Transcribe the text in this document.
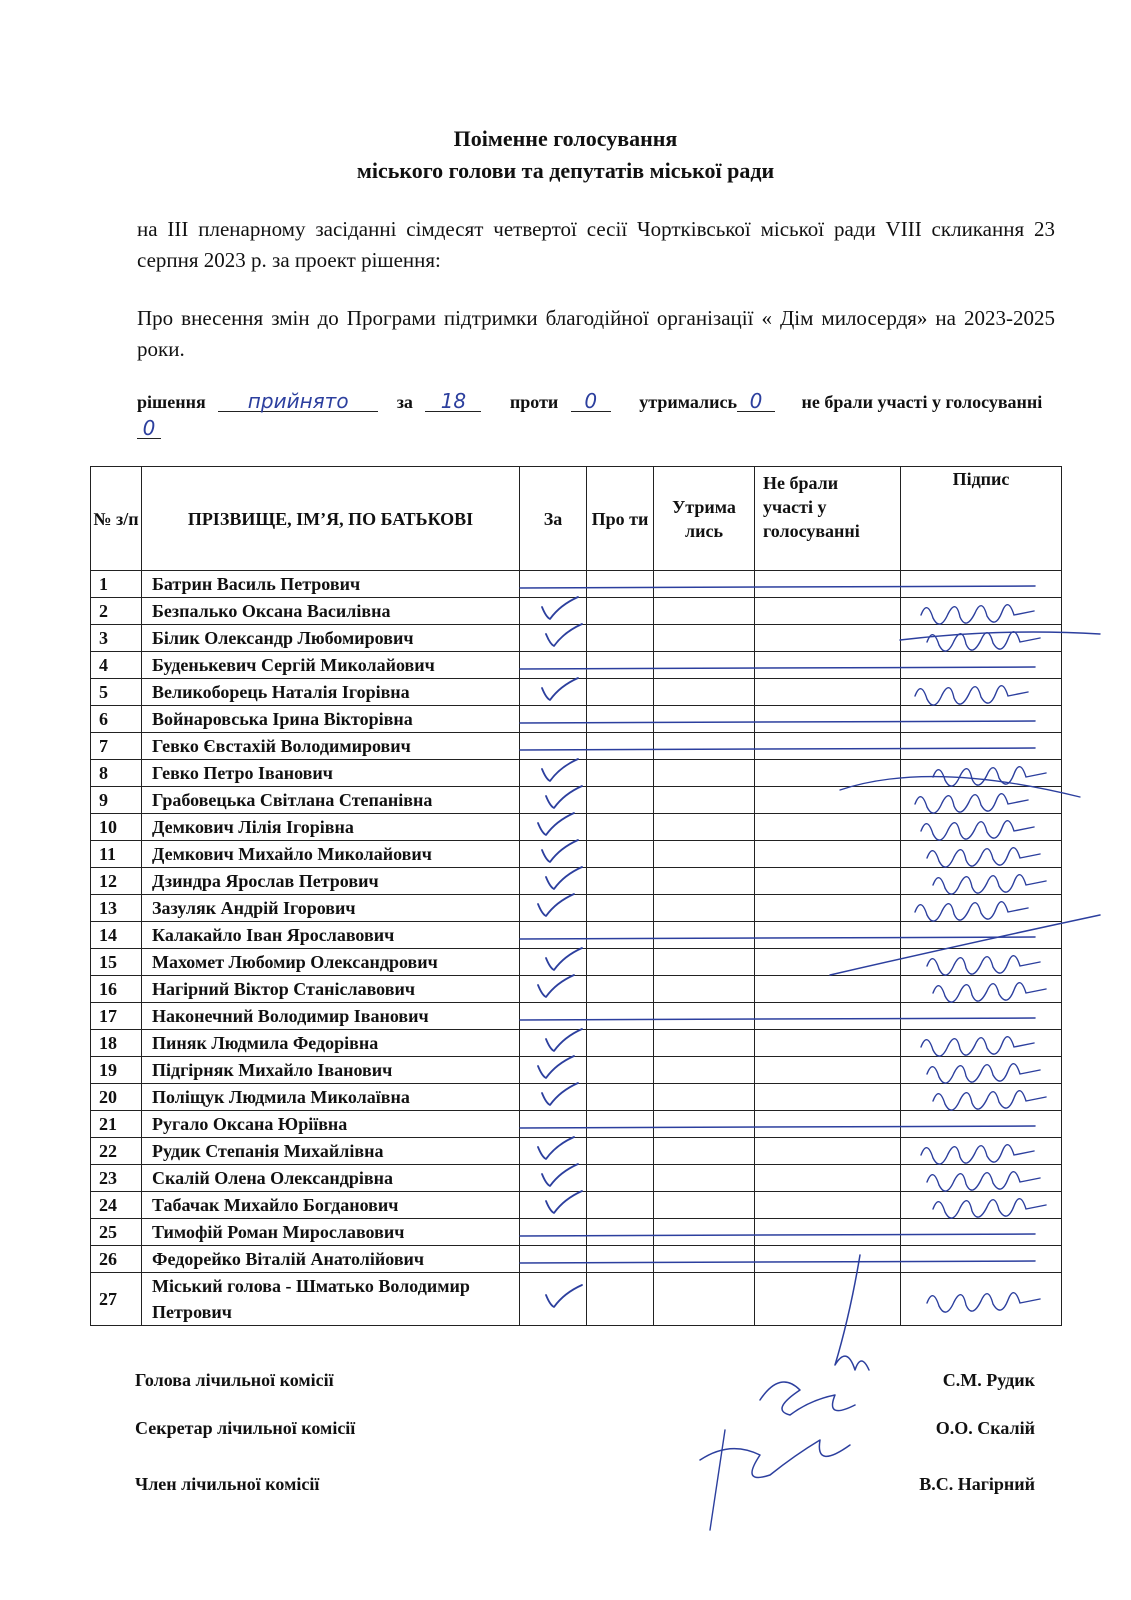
Поіменне голосування
міського голови та депутатів міської ради
на ІІІ пленарному засіданні сімдесят четвертої сесії Чортківської міської ради VIII скликання 23 серпня 2023 р. за проект рішення:
Про внесення змін до Програми підтримки благодійної організації « Дім милосердя» на 2023-2025 роки.
рішення прийнято	за 18 проти 0 утримались 0 не брали участі у голосуванні0
№ з/п	ПРІЗВИЩЕ, ІМ’Я, ПО БАТЬКОВІ	За	Про ти	Утрима лись	Не брали участі у голосуванні	Підпис
1	Батрин Василь Петрович					
2	Безпалько Оксана Василівна					
3	Білик Олександр Любомирович					
4	Буденькевич Сергій Миколайович					
5	Великоборець Наталія Ігорівна					
6	Войнаровська Ірина Вікторівна					
7	Гевко Євстахій Володимирович					
8	Гевко Петро Іванович					
9	Грабовецька Світлана Степанівна					
10	Демкович Лілія Ігорівна					
11	Демкович Михайло Миколайович					
12	Дзиндра Ярослав Петрович					
13	Зазуляк Андрій Ігорович					
14	Калакайло Іван Ярославович					
15	Махомет Любомир Олександрович					
16	Нагірний Віктор Станіславович					
17	Наконечний Володимир Іванович					
18	Пиняк Людмила Федорівна					
19	Підгірняк Михайло Іванович					
20	Поліщук Людмила Миколаївна					
21	Ругало Оксана Юріївна					
22	Рудик Степанія Михайлівна					
23	Скалій Олена Олександрівна					
24	Табачак Михайло Богданович					
25	Тимофій Роман Мирославович					
26	Федорейко Віталій Анатолійович					
27	Міський голова - Шматько Володимир Петрович					
Голова лічильної комісії	С.М. Рудик
Секретар лічильної комісії	О.О. Скалій
Член лічильної комісії	В.С. Нагірний
